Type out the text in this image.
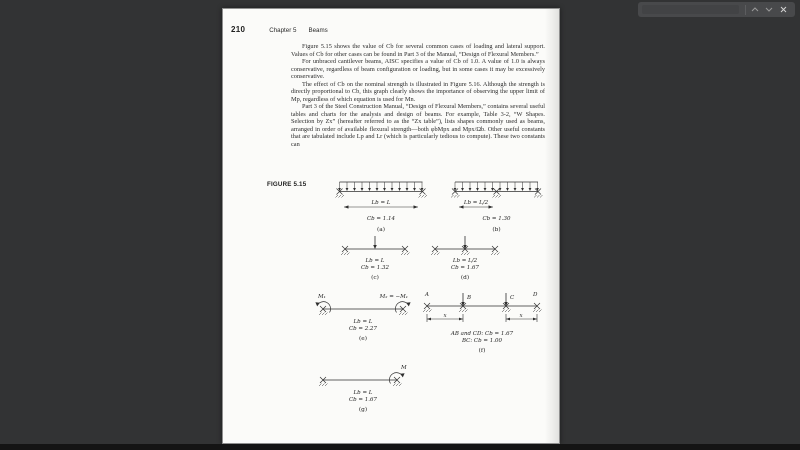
210	Chapter 5 Beams

Figure 5.15 shows the value of Cb for several common cases of loading and lateral support. Values of Cb for other cases can be found in Part 3 of the Manual, “Design of Flexural Members.”

For unbraced cantilever beams, AISC specifies a value of Cb of 1.0. A value of 1.0 is always conservative, regardless of beam configuration or loading, but in some cases it may be excessively conservative.

The effect of Cb on the nominal strength is illustrated in Figure 5.16. Although the strength is directly proportional to Cb, this graph clearly shows the importance of observing the upper limit of Mp, regardless of which equation is used for Mn.

Part 3 of the Steel Construction Manual, “Design of Flexural Members,” contains several useful tables and charts for the analysis and design of beams. For example, Table 3-2, “W Shapes. Selection by Zx” (hereafter referred to as the “Zx table”), lists shapes commonly used as beams, arranged in order of available flexural strength—both φbMpx and Mpx/Ωb. Other useful constants that are tabulated include Lp and Lr (which is particularly tedious to compute). These two constants can

FIGURE 5.15
Lb = L
Cb = 1.14
(a)
Lb = L/2
Cb = 1.30
(b)
Lb = L
Cb = 1.32
(c)
Lb = L/2
Cb = 1.67
(d)
M₁	M₂ = −M₁
Lb = L
Cb = 2.27
(e)
A	B	C	D
x	x
AB and CD: Cb = 1.67
BC: Cb = 1.00
(f)
M
Lb = L
Cb = 1.67
(g)
